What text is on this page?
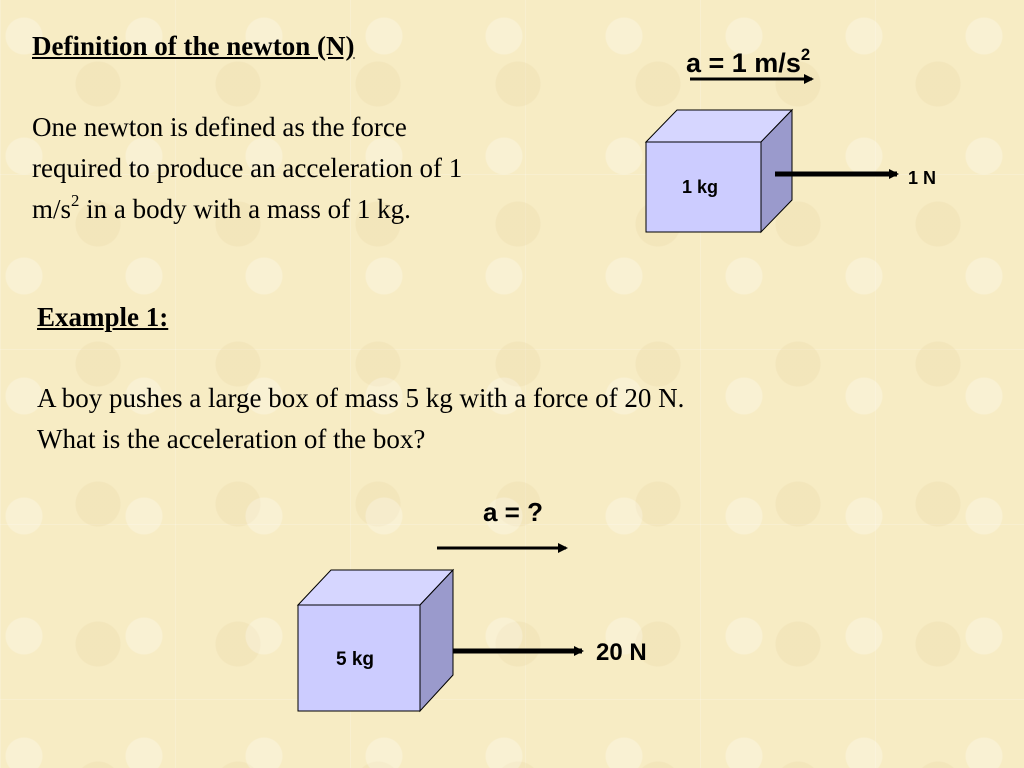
Definition of the newton (N)
One newton is defined as the force
required to produce an acceleration of 1
$m/s^2$ in a body with a mass of 1 kg.
a = 1 $m/s^2$
1 kg	1 N
Example 1:
A boy pushes a large box of mass 5 kg with a force of 20 N.
What is the acceleration of the box?
a = ?
5 kg	20 N
